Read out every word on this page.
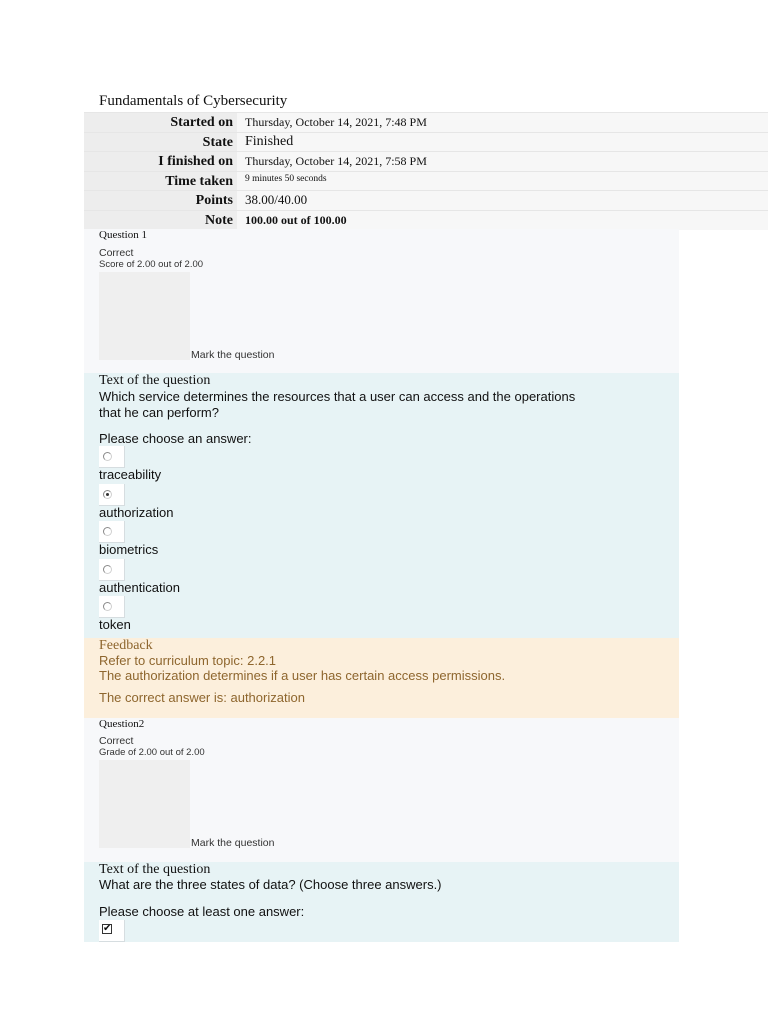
Fundamentals of Cybersecurity
Started on	Thursday, October 14, 2021, 7:48 PM
State Finished
I finished on	Thursday, October 14, 2021, 7:58 PM
Time taken	9 minutes 50 seconds
Points 38.00/40.00
Note	100.00 out of 100.00
Question 1
Correct
Score of 2.00 out of 2.00
Mark the question
Text of the question
Which service determines the resources that a user can access and the operations that he can perform?
Please choose an answer:
traceability
authorization
biometrics
authentication
token
Feedback
Refer to curriculum topic: 2.2.1
The authorization determines if a user has certain access permissions.
The correct answer is: authorization
Question2
Correct
Grade of 2.00 out of 2.00
Mark the question
Text of the question
What are the three states of data? (Choose three answers.)
Please choose at least one answer:
✔
